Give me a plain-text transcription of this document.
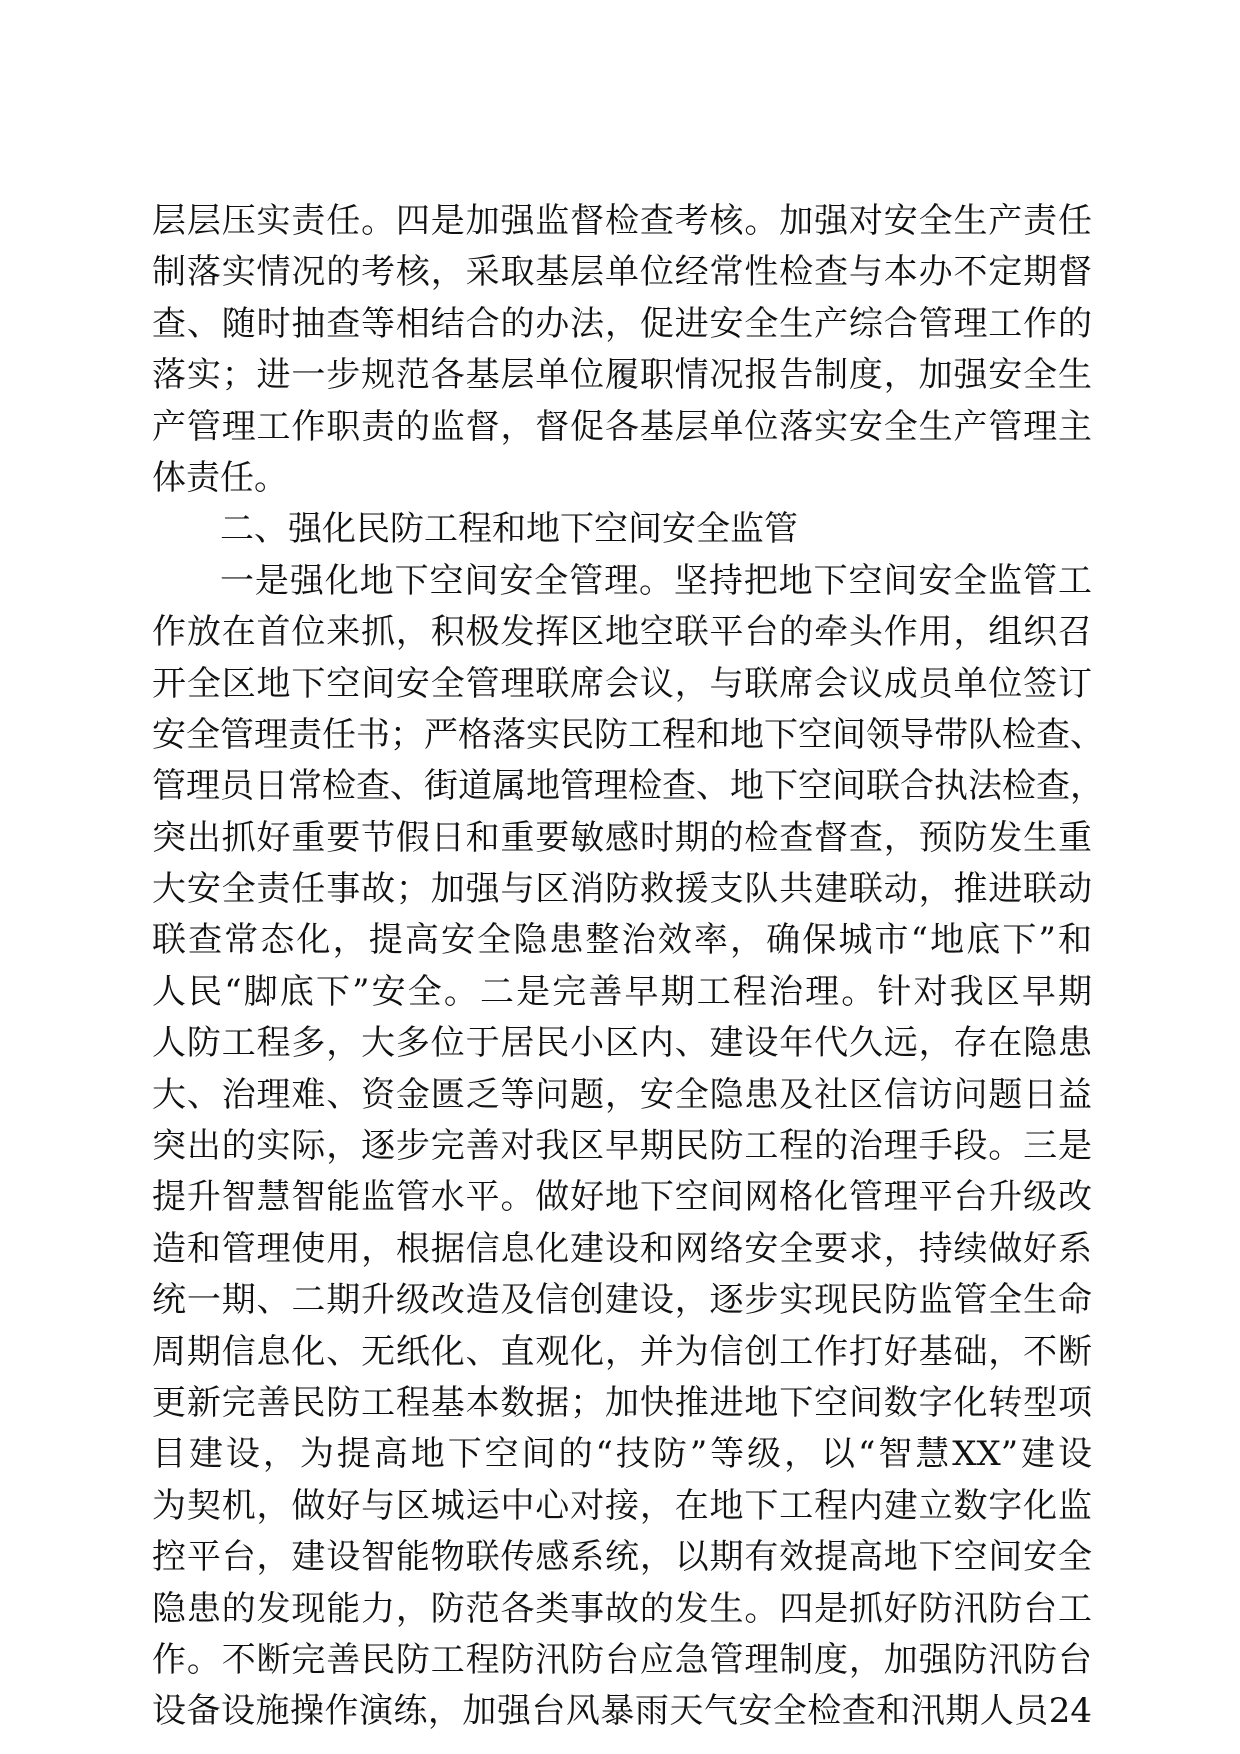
层层压实责任。四是加强监督检查考核。加强对安全生产责任
制落实情况的考核，采取基层单位经常性检查与本办不定期督
查、随时抽查等相结合的办法，促进安全生产综合管理工作的
落实；进一步规范各基层单位履职情况报告制度，加强安全生
产管理工作职责的监督，督促各基层单位落实安全生产管理主
体责任。
二、强化民防工程和地下空间安全监管
一是强化地下空间安全管理。坚持把地下空间安全监管工
作放在首位来抓，积极发挥区地空联平台的牵头作用，组织召
开全区地下空间安全管理联席会议，与联席会议成员单位签订
安全管理责任书；严格落实民防工程和地下空间领导带队检查、
管理员日常检查、街道属地管理检查、地下空间联合执法检查，
突出抓好重要节假日和重要敏感时期的检查督查，预防发生重
大安全责任事故；加强与区消防救援支队共建联动，推进联动
联查常态化，提高安全隐患整治效率，确保城市“地底下”和
人民“脚底下”安全。二是完善早期工程治理。针对我区早期
人防工程多，大多位于居民小区内、建设年代久远，存在隐患
大、治理难、资金匮乏等问题，安全隐患及社区信访问题日益
突出的实际，逐步完善对我区早期民防工程的治理手段。三是
提升智慧智能监管水平。做好地下空间网格化管理平台升级改
造和管理使用，根据信息化建设和网络安全要求，持续做好系
统一期、二期升级改造及信创建设，逐步实现民防监管全生命
周期信息化、无纸化、直观化，并为信创工作打好基础，不断
更新完善民防工程基本数据；加快推进地下空间数字化转型项
目建设，为提高地下空间的“技防”等级，以“智慧XX”建设
为契机，做好与区城运中心对接，在地下工程内建立数字化监
控平台，建设智能物联传感系统，以期有效提高地下空间安全
隐患的发现能力，防范各类事故的发生。四是抓好防汛防台工
作。不断完善民防工程防汛防台应急管理制度，加强防汛防台
设备设施操作演练，加强台风暴雨天气安全检查和汛期人员24
